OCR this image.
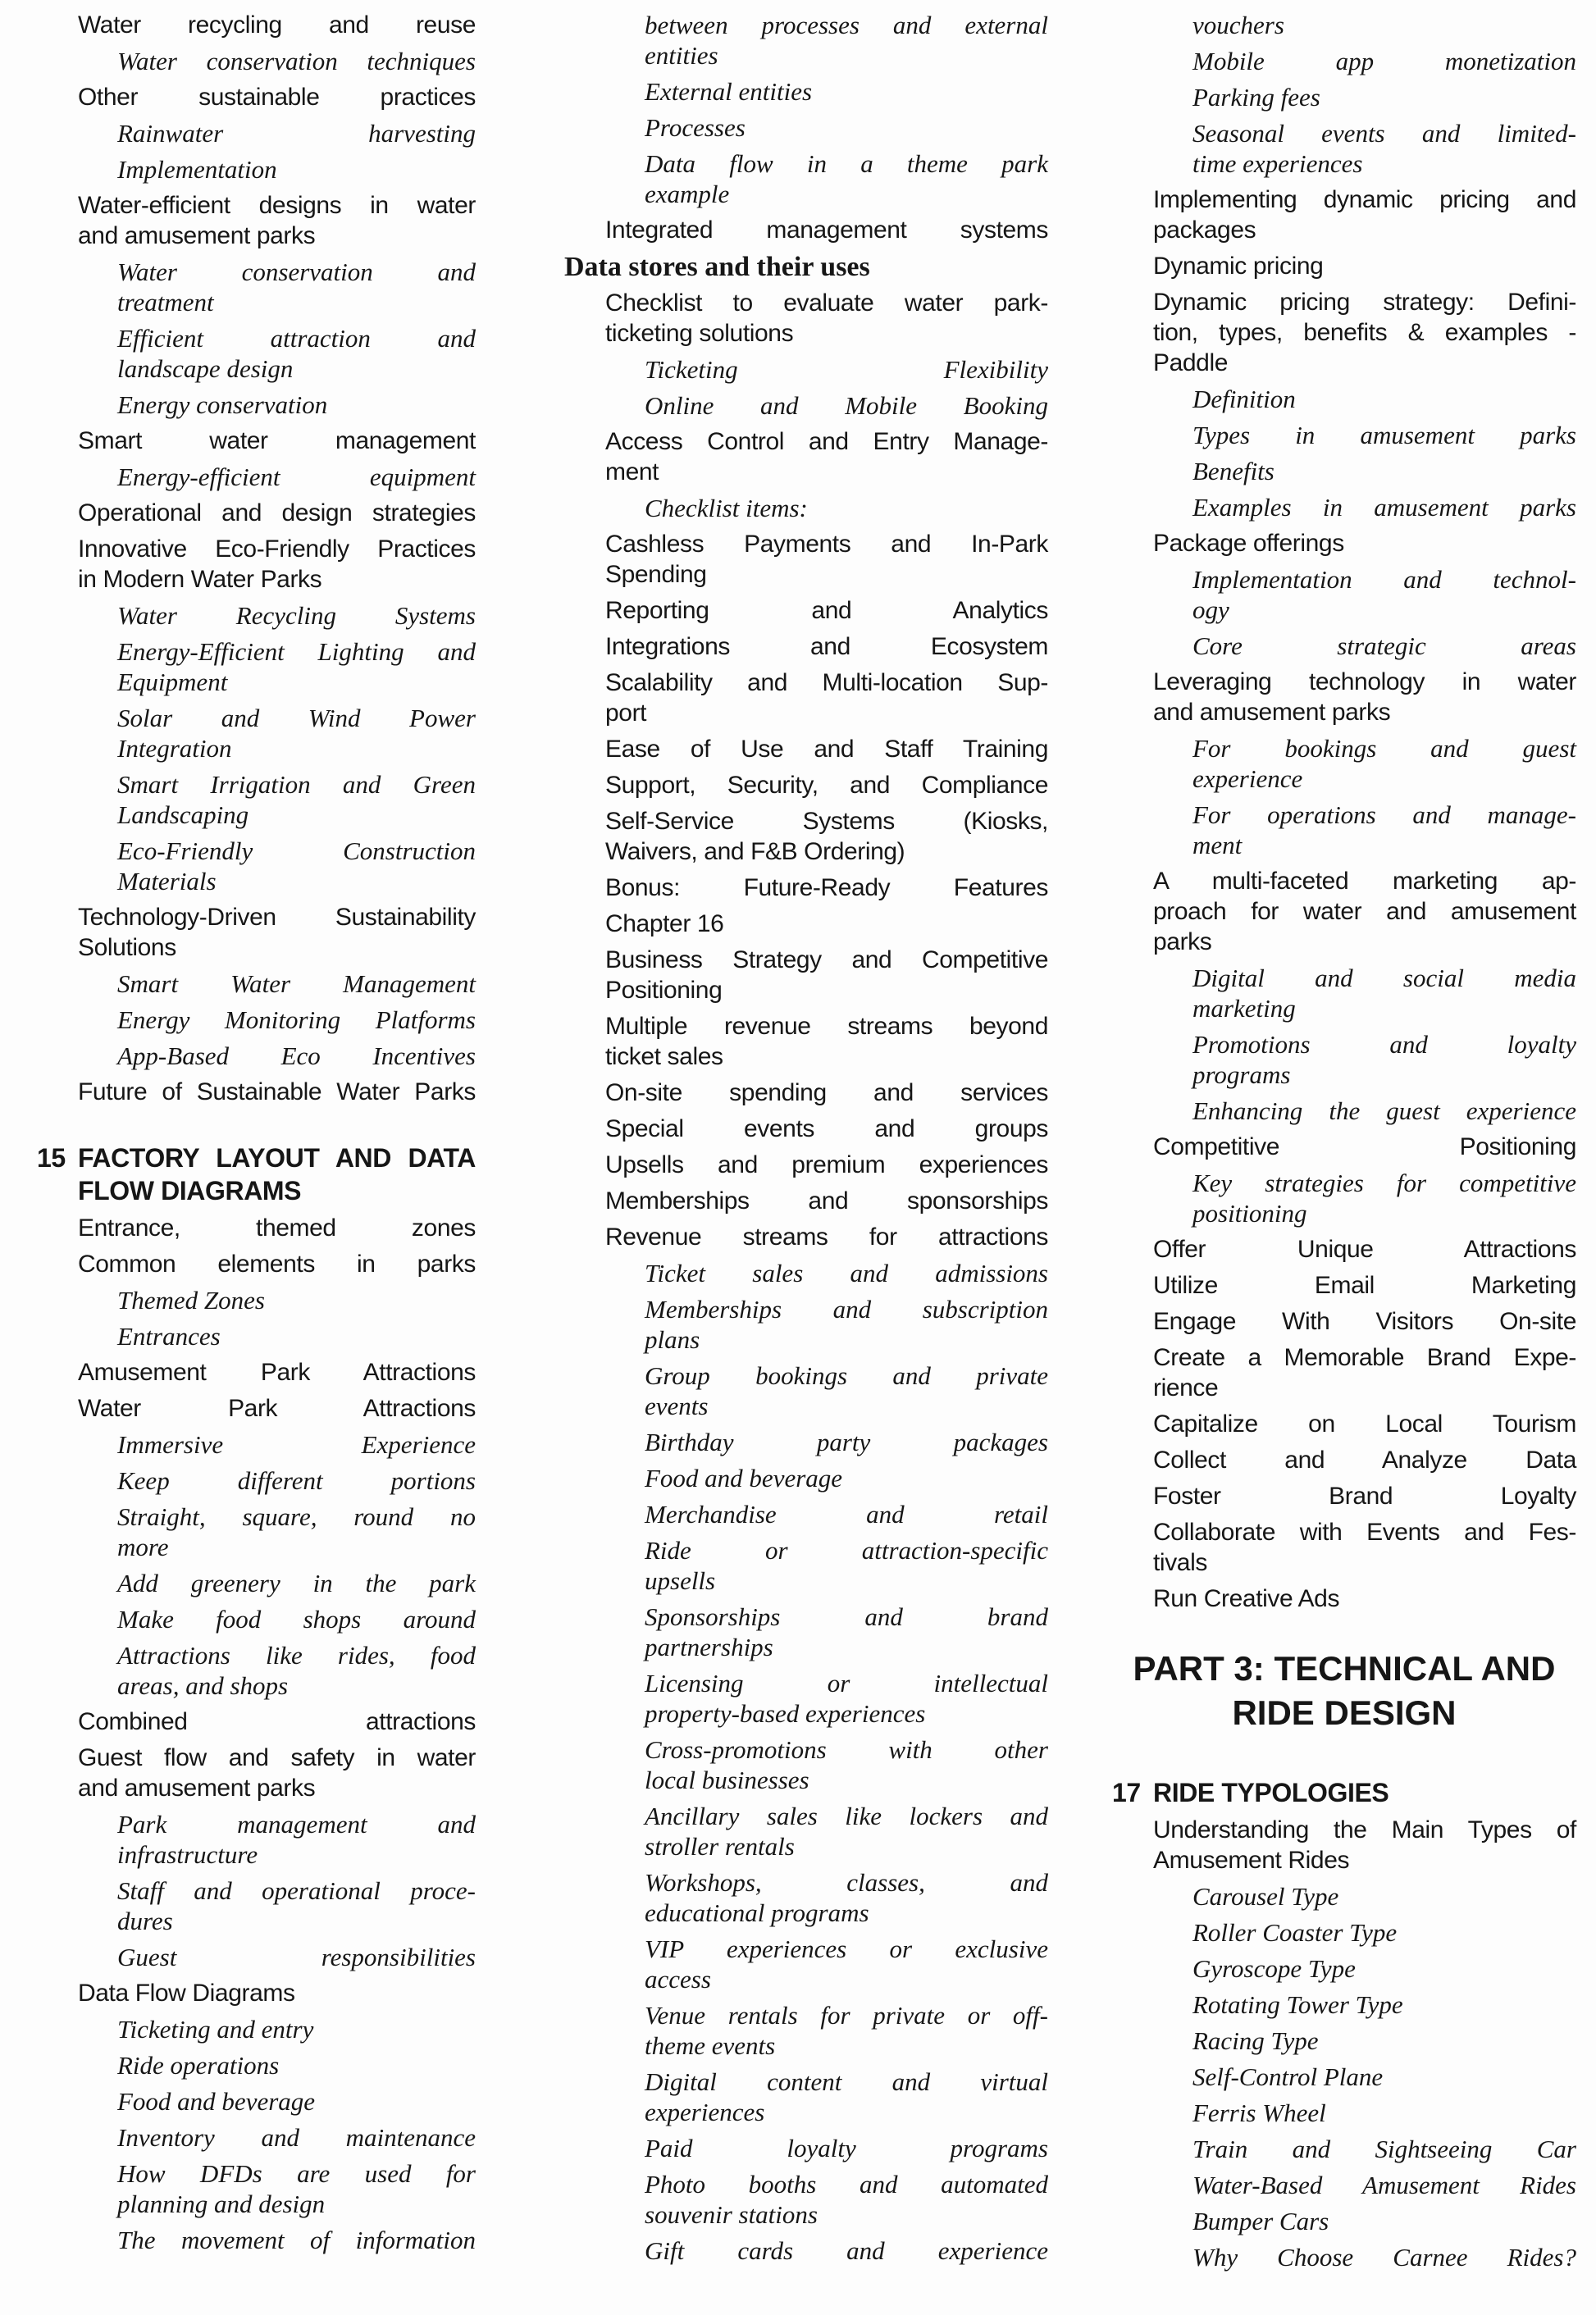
Water recycling and reuse
Water conservation techniques
Other sustainable practices
Rainwater harvesting
Implementation
Water-efficient designs in water
and amusement parks
Water conservation and
treatment
Efficient attraction and
landscape design
Energy conservation
Smart water management
Energy-efficient equipment
Operational and design strategies
Innovative Eco-Friendly Practices
in Modern Water Parks
Water Recycling Systems
Energy-Efficient Lighting and
Equipment
Solar and Wind Power
Integration
Smart Irrigation and Green
Landscaping
Eco-Friendly Construction
Materials
Technology-Driven Sustainability
Solutions
Smart Water Management
Energy Monitoring Platforms
App-Based Eco Incentives
Future of Sustainable Water Parks
15 FACTORY LAYOUT AND DATA
FLOW DIAGRAMS
Entrance, themed zones
Common elements in parks
Themed Zones
Entrances
Amusement Park Attractions
Water Park Attractions
Immersive Experience
Keep different portions
Straight, square, round no
more
Add greenery in the park
Make food shops around
Attractions like rides, food
areas, and shops
Combined attractions
Guest flow and safety in water
and amusement parks
Park management and
infrastructure
Staff and operational proce-
dures
Guest responsibilities
Data Flow Diagrams
Ticketing and entry
Ride operations
Food and beverage
Inventory and maintenance
How DFDs are used for
planning and design
The movement of information
between processes and external
entities
External entities
Processes
Data flow in a theme park
example
Integrated management systems
Data stores and their uses
Checklist to evaluate water park-
ticketing solutions
Ticketing Flexibility
Online and Mobile Booking
Access Control and Entry Manage-
ment
Checklist items:
Cashless Payments and In-Park
Spending
Reporting and Analytics
Integrations and Ecosystem
Scalability and Multi-location Sup-
port
Ease of Use and Staff Training
Support, Security, and Compliance
Self-Service Systems (Kiosks,
Waivers, and F&B Ordering)
Bonus: Future-Ready Features
Chapter 16
Business Strategy and Competitive
Positioning
Multiple revenue streams beyond
ticket sales
On-site spending and services
Special events and groups
Upsells and premium experiences
Memberships and sponsorships
Revenue streams for attractions
Ticket sales and admissions
Memberships and subscription
plans
Group bookings and private
events
Birthday party packages
Food and beverage
Merchandise and retail
Ride or attraction-specific
upsells
Sponsorships and brand
partnerships
Licensing or intellectual
property-based experiences
Cross-promotions with other
local businesses
Ancillary sales like lockers and
stroller rentals
Workshops, classes, and
educational programs
VIP experiences or exclusive
access
Venue rentals for private or off-
theme events
Digital content and virtual
experiences
Paid loyalty programs
Photo booths and automated
souvenir stations
Gift cards and experience
vouchers
Mobile app monetization
Parking fees
Seasonal events and limited-
time experiences
Implementing dynamic pricing and
packages
Dynamic pricing
Dynamic pricing strategy: Defini-
tion, types, benefits & examples -
Paddle
Definition
Types in amusement parks
Benefits
Examples in amusement parks
Package offerings
Implementation and technol-
ogy
Core strategic areas
Leveraging technology in water
and amusement parks
For bookings and guest
experience
For operations and manage-
ment
A multi-faceted marketing ap-
proach for water and amusement
parks
Digital and social media
marketing
Promotions and loyalty
programs
Enhancing the guest experience
Competitive Positioning
Key strategies for competitive
positioning
Offer Unique Attractions
Utilize Email Marketing
Engage With Visitors On-site
Create a Memorable Brand Expe-
rience
Capitalize on Local Tourism
Collect and Analyze Data
Foster Brand Loyalty
Collaborate with Events and Fes-
tivals
Run Creative Ads
PART 3: TECHNICAL AND
RIDE DESIGN
17 RIDE TYPOLOGIES
Understanding the Main Types of
Amusement Rides
Carousel Type
Roller Coaster Type
Gyroscope Type
Rotating Tower Type
Racing Type
Self-Control Plane
Ferris Wheel
Train and Sightseeing Car
Water-Based Amusement Rides
Bumper Cars
Why Choose Carnee Rides?
